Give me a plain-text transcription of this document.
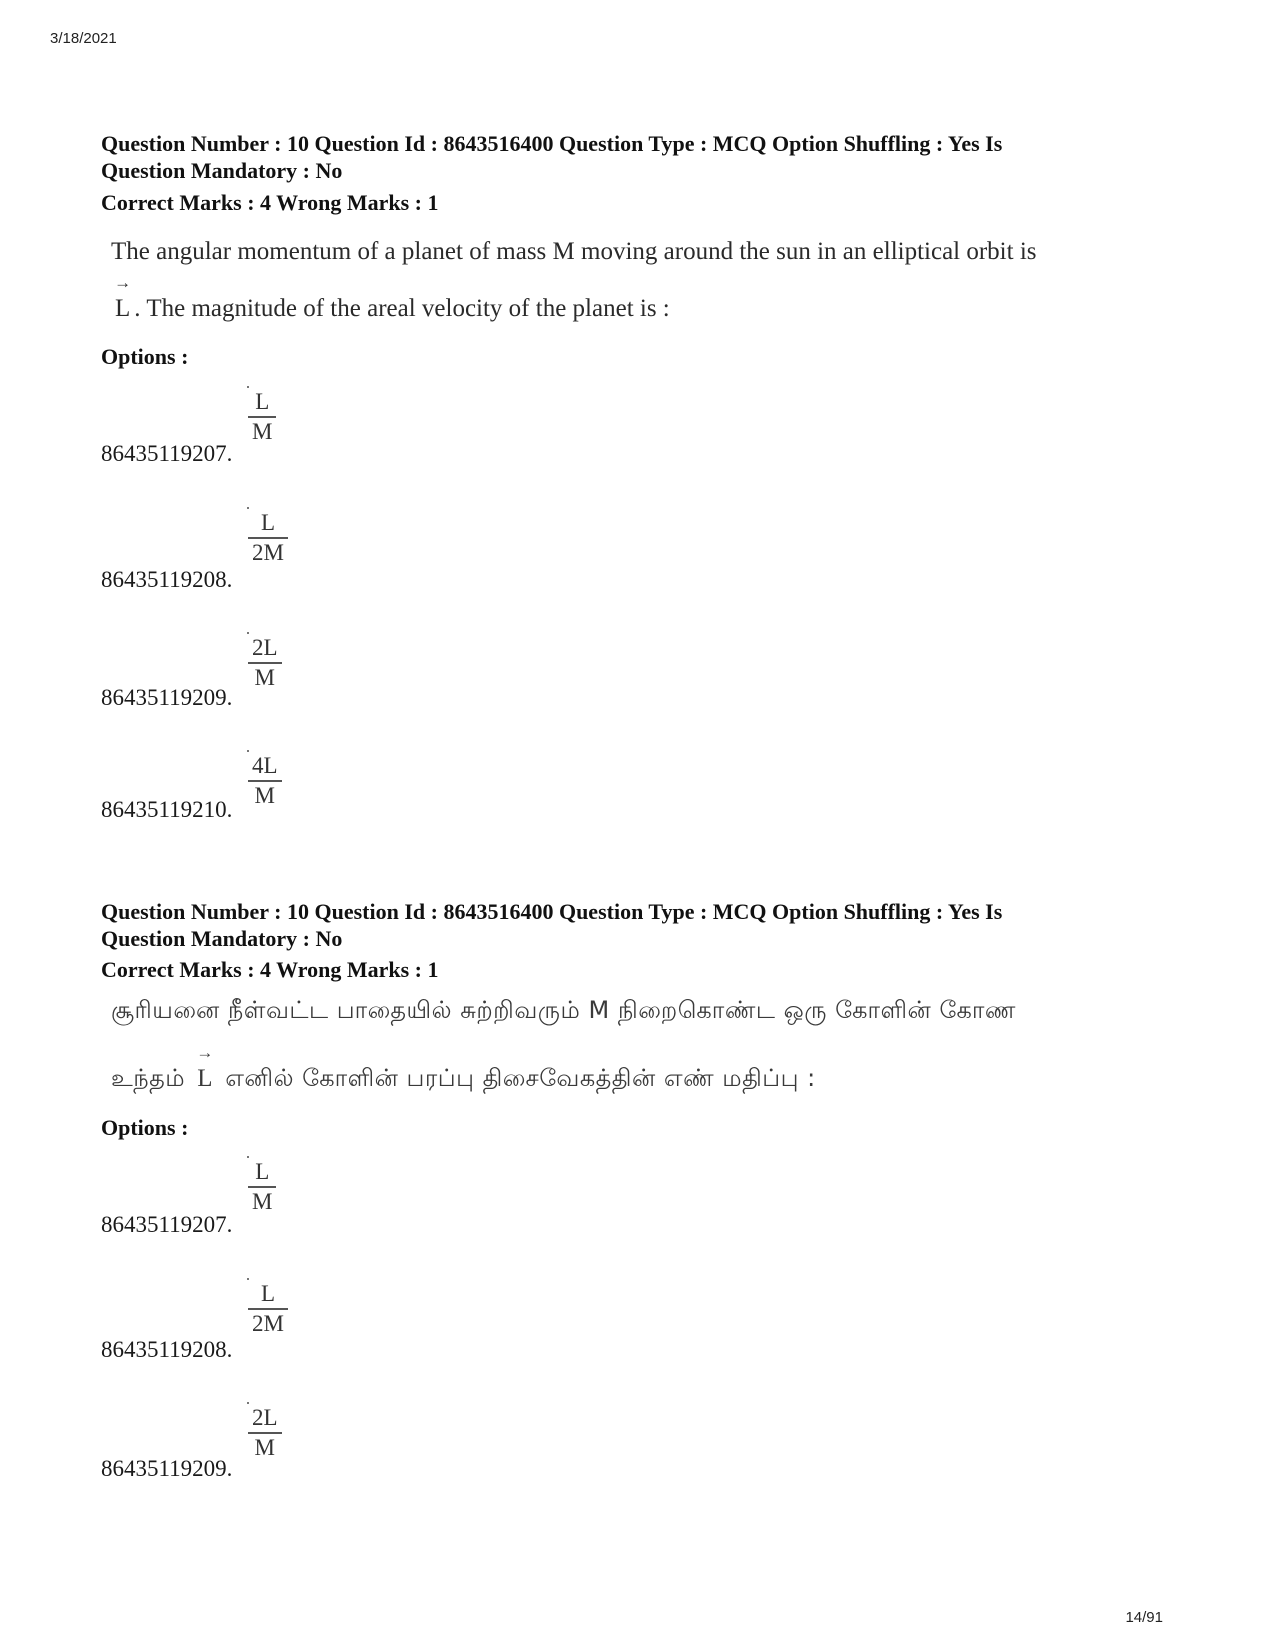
3/18/2021
Question Number : 10 Question Id : 8643516400 Question Type : MCQ Option Shuffling : Yes Is
Question Mandatory : No
Correct Marks : 4 Wrong Marks : 1
The angular momentum of a planet of mass M moving around the sun in an elliptical orbit is
→
L . The magnitude of the areal velocity of the planet is :
Options :
L
M
86435119207.
L
2M
86435119208.
2L
M
86435119209.
4L
M
86435119210.
Question Number : 10 Question Id : 8643516400 Question Type : MCQ Option Shuffling : Yes Is
Question Mandatory : No
Correct Marks : 4 Wrong Marks : 1
சூரியனை நீள்வட்ட பாதையில் சுற்றிவரும் M நிறைகொண்ட ஒரு கோளின் கோண
உந்தம்
→
L எனில் கோளின் பரப்பு திசைவேகத்தின் எண் மதிப்பு :
Options :
L
M
86435119207.
L
2M
86435119208.
2L
M
86435119209.
14/91
